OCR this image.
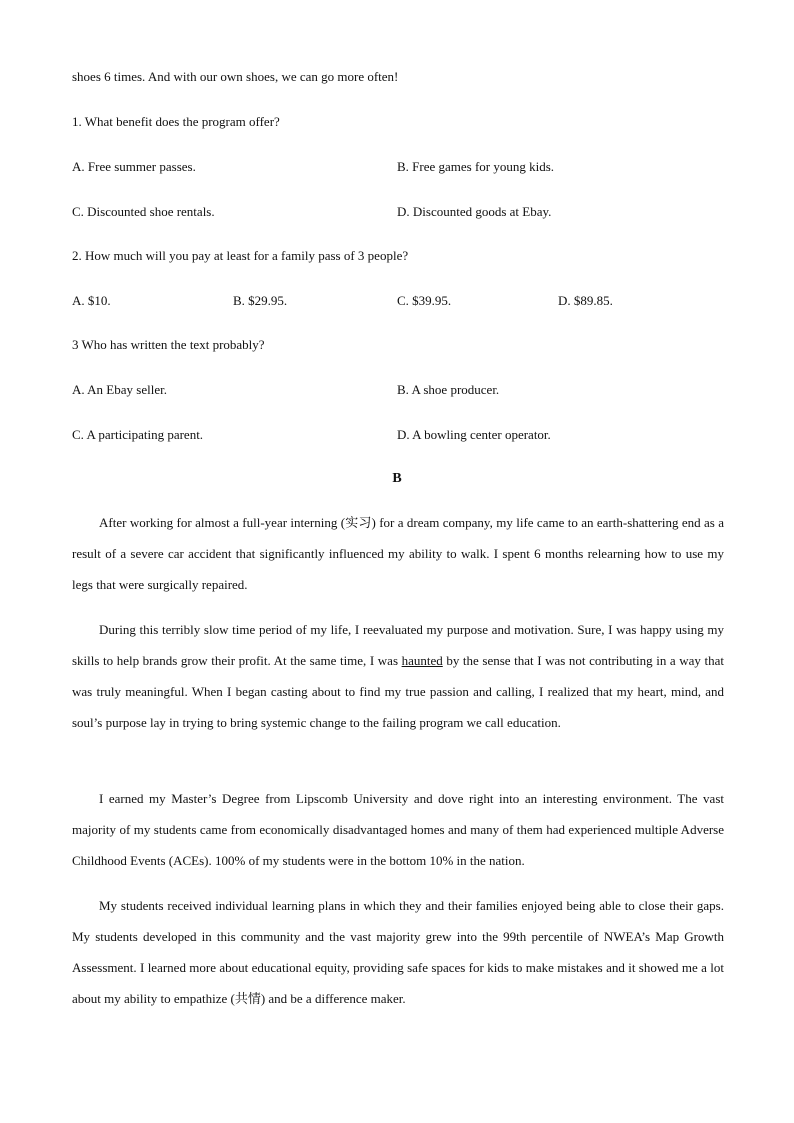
shoes 6 times. And with our own shoes, we can go more often!
1. What benefit does the program offer?
A. Free summer passes.	B. Free games for young kids.
C. Discounted shoe rentals.	D. Discounted goods at Ebay.
2. How much will you pay at least for a family pass of 3 people?
A. $10.	B. $29.95.	C. $39.95.	D. $89.85.
3 Who has written the text probably?
A. An Ebay seller.	B. A shoe producer.
C. A participating parent.	D. A bowling center operator.
B
After working for almost a full-year interning (实习) for a dream company, my life came to an earth-shattering end as a result of a severe car accident that significantly influenced my ability to walk. I spent 6 months relearning how to use my legs that were surgically repaired.
During this terribly slow time period of my life, I reevaluated my purpose and motivation. Sure, I was happy using my skills to help brands grow their profit. At the same time, I was haunted by the sense that I was not contributing in a way that was truly meaningful. When I began casting about to find my true passion and calling, I realized that my heart, mind, and soul’s purpose lay in trying to bring systemic change to the failing program we call education.
I earned my Master’s Degree from Lipscomb University and dove right into an interesting environment. The vast majority of my students came from economically disadvantaged homes and many of them had experienced multiple Adverse Childhood Events (ACEs). 100% of my students were in the bottom 10% in the nation.
My students received individual learning plans in which they and their families enjoyed being able to close their gaps. My students developed in this community and the vast majority grew into the 99th percentile of NWEA’s Map Growth Assessment. I learned more about educational equity, providing safe spaces for kids to make mistakes and it showed me a lot about my ability to empathize (共情) and be a difference maker.
